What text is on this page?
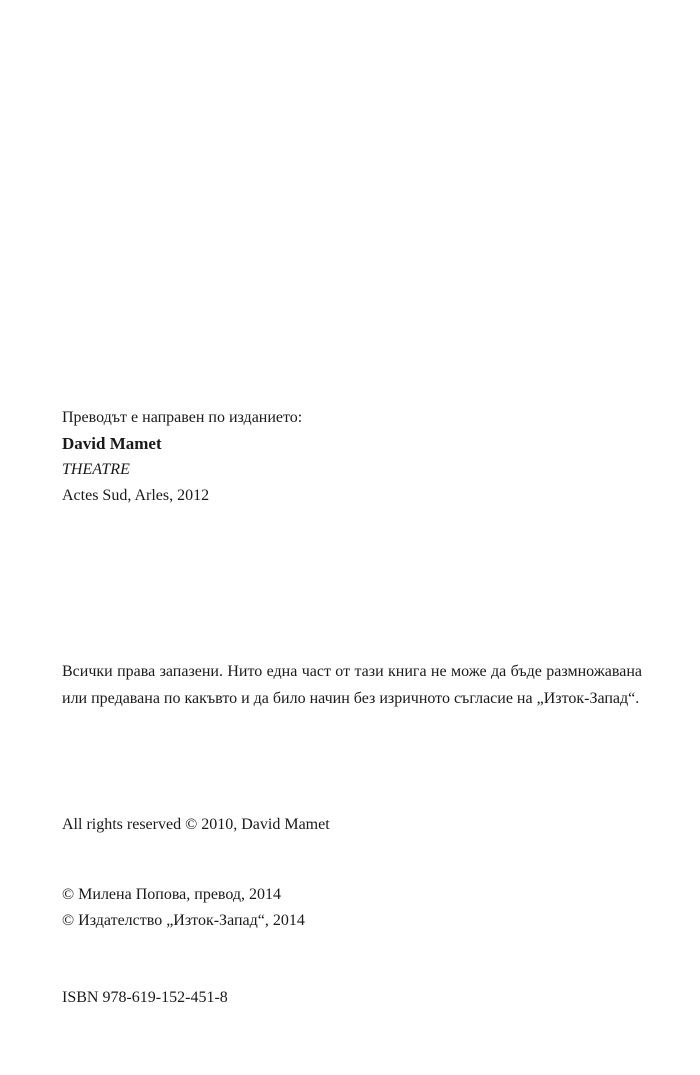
Преводът е направен по изданието:
David Mamet
THEATRE
Actes Sud, Arles, 2012

Всички права запазени. Нито една част от тази книга не може да бъде размножавана или предавана по какъвто и да било начин без изричното съгласие на „Изток-Запад“.

All rights reserved © 2010, David Mamet
© Милена Попова, превод, 2014
© Издателство „Изток-Запад“, 2014
ISBN 978-619-152-451-8
